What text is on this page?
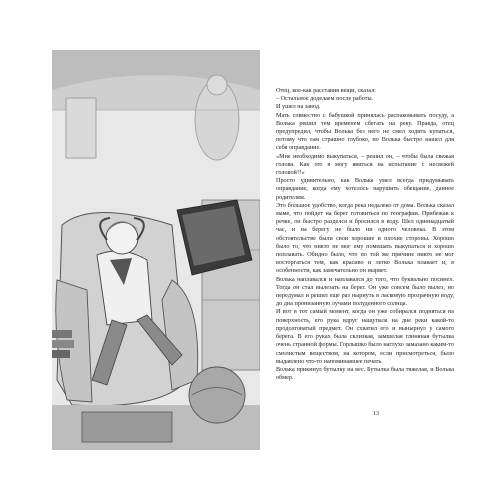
Отец, кое-как расставив вещи, сказал:

– Остальное доделаем после работы.

И ушел на завод.

Мать совместно с бабушкой принялась распаковывать посуду, а Волька решил тем временем сбегать на реку. Правда, отец предупредил, чтобы Волька без него не смел ходить купаться, потому что там страшно глубоко, но Волька быстро нашел для себя оправдание.

«Мне необходимо выкупаться, – решил он, – чтобы была свежая голова. Как это я могу явиться на испытание с несвежей головой?!»

Просто удивительно, как Волька умел всегда придумывать оправдание, когда ему хотелось нарушить обещание, данное родителям.

Это большое удобство, когда река недалеко от дома. Волька сказал маме, что пойдет на берег готовиться по географии. Прибежав к речке, он быстро разделся и бросился в воду. Шел одиннадцатый час, и на берегу не было ни одного человека. В этом обстоятельстве были свои хорошие и плохие стороны. Хорошо было то, что никто не мог ему помешать выкупаться и хорошо поплавать. Обидно было, что по той же причине никто не мог восторгаться тем, как красиво и легко Волька плавает и, в особенности, как замечательно он ныряет.

Волька наплавался и наплавался до того, что буквально посинел. Тогда он стал вылезать на берег. Он уже совсем было вылез, но передумал и решил еще раз нырнуть в ласковую прозрачную воду, до дна пронизанную лучами полуденного солнца.

И вот в тот самый момент, когда он уже собирался подняться на поверхность, его рука вдруг нащупала на дне реки какой-то продолговатый предмет. Он схватил его и вынырнул у самого берега. В его руках была склизкая, замшелая глиняная бутылка очень странной формы. Горлышко было наглухо замазано каким-то смолистым веществом, на котором, если присмотреться, было выдавлено что-то напоминавшее печать.

Волька прикинул бутылку на вес. Бутылка была тяжелая, и Волька обмер.

13
